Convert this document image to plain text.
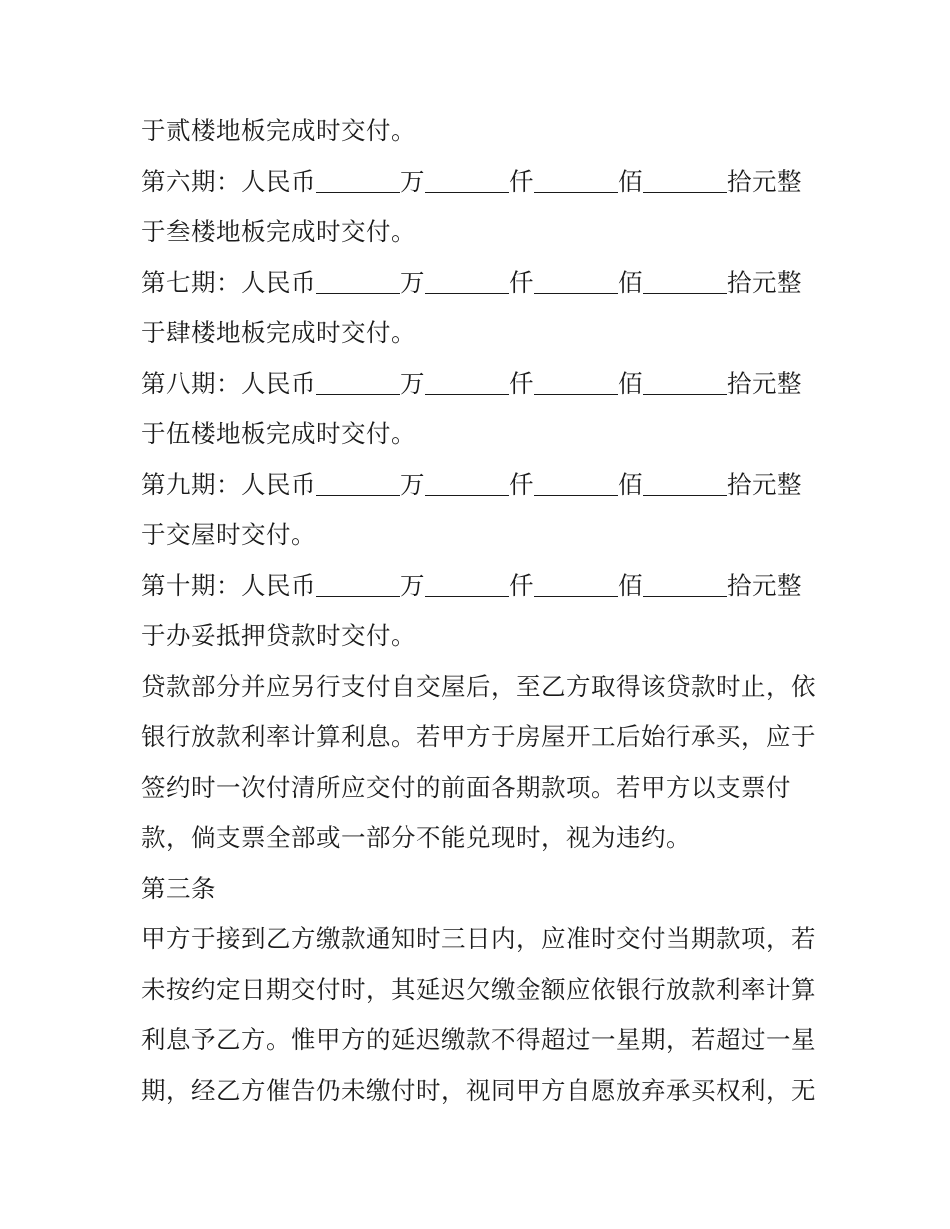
于贰楼地板完成时交付。
第六期：人民币	万	仟	佰	拾元整
于叁楼地板完成时交付。
第七期：人民币	万	仟	佰	拾元整
于肆楼地板完成时交付。
第八期：人民币	万	仟	佰	拾元整
于伍楼地板完成时交付。
第九期：人民币	万	仟	佰	拾元整
于交屋时交付。
第十期：人民币	万	仟	佰	拾元整
于办妥抵押贷款时交付。
贷款部分并应另行支付自交屋后，至乙方取得该贷款时止，依
银行放款利率计算利息。若甲方于房屋开工后始行承买，应于
签约时一次付清所应交付的前面各期款项。若甲方以支票付
款，倘支票全部或一部分不能兑现时，视为违约。
第三条
甲方于接到乙方缴款通知时三日内，应准时交付当期款项，若
未按约定日期交付时，其延迟欠缴金额应依银行放款利率计算
利息予乙方。惟甲方的延迟缴款不得超过一星期，若超过一星
期，经乙方催告仍未缴付时，视同甲方自愿放弃承买权利，无
